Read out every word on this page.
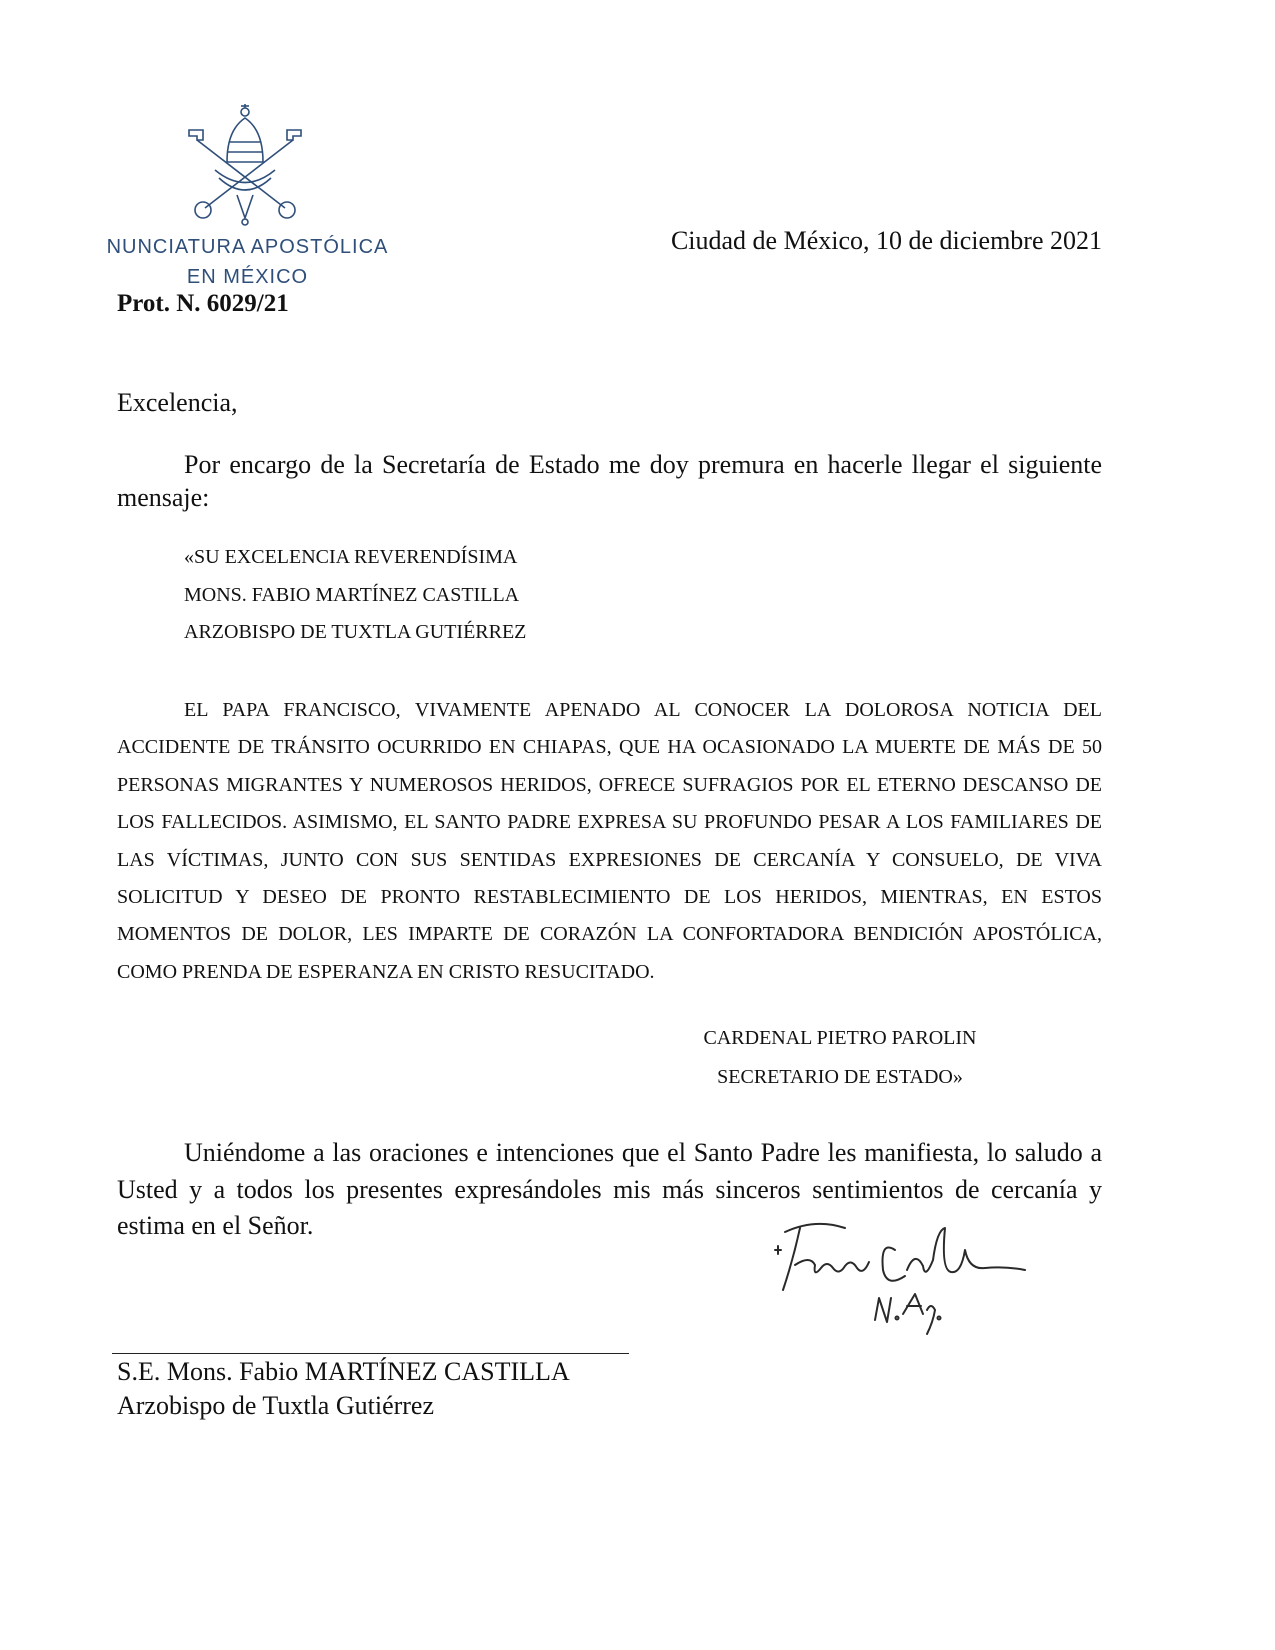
NUNCIATURA APOSTÓLICA
EN MÉXICO
Prot. N. 6029/21
Ciudad de México, 10 de diciembre 2021
Excelencia,

Por encargo de la Secretaría de Estado me doy premura en hacerle llegar el siguiente mensaje:

«SU EXCELENCIA REVERENDÍSIMA
MONS. FABIO MARTÍNEZ CASTILLA
ARZOBISPO DE TUXTLA GUTIÉRREZ

EL PAPA FRANCISCO, VIVAMENTE APENADO AL CONOCER LA DOLOROSA NOTICIA DEL ACCIDENTE DE TRÁNSITO OCURRIDO EN CHIAPAS, QUE HA OCASIONADO LA MUERTE DE MÁS DE 50 PERSONAS MIGRANTES Y NUMEROSOS HERIDOS, OFRECE SUFRAGIOS POR EL ETERNO DESCANSO DE LOS FALLECIDOS. ASIMISMO, EL SANTO PADRE EXPRESA SU PROFUNDO PESAR A LOS FAMILIARES DE LAS VÍCTIMAS, JUNTO CON SUS SENTIDAS EXPRESIONES DE CERCANÍA Y CONSUELO, DE VIVA SOLICITUD Y DESEO DE PRONTO RESTABLECIMIENTO DE LOS HERIDOS, MIENTRAS, EN ESTOS MOMENTOS DE DOLOR, LES IMPARTE DE CORAZÓN LA CONFORTADORA BENDICIÓN APOSTÓLICA, COMO PRENDA DE ESPERANZA EN CRISTO RESUCITADO.

CARDENAL PIETRO PAROLIN
SECRETARIO DE ESTADO»

Uniéndome a las oraciones e intenciones que el Santo Padre les manifiesta, lo saludo a Usted y a todos los presentes expresándoles mis más sinceros sentimientos de cercanía y estima en el Señor.

S.E. Mons. Fabio MARTÍNEZ CASTILLA
Arzobispo de Tuxtla Gutiérrez
